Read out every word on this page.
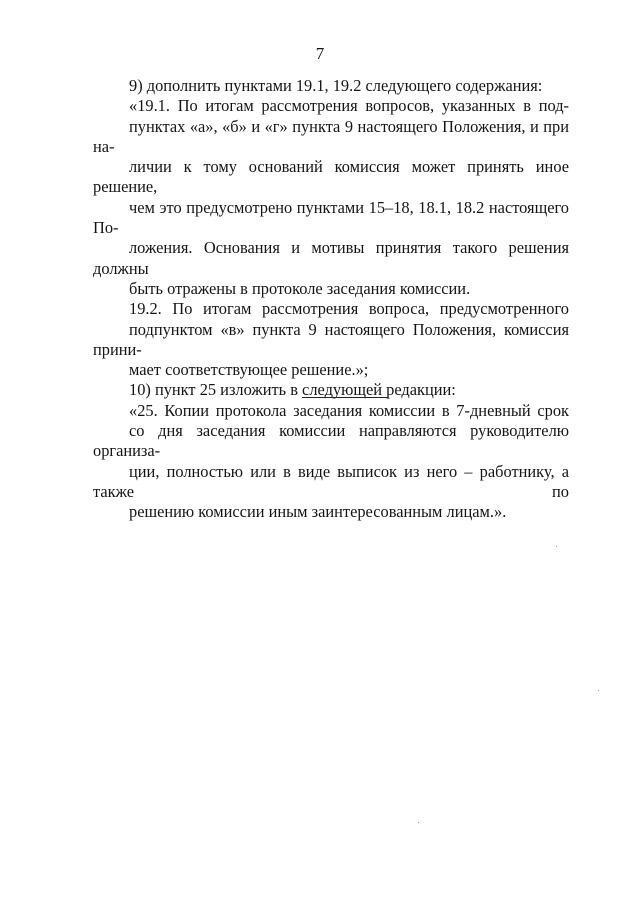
7

9) дополнить пунктами 19.1, 19.2 следующего содержания:

«19.1. По итогам рассмотрения вопросов, указанных в под-
пунктах «а», «б» и «г» пункта 9 настоящего Положения, и при на-
личии к тому оснований комиссия может принять иное решение,
чем это предусмотрено пунктами 15–18, 18.1, 18.2 настоящего По-
ложения. Основания и мотивы принятия такого решения должны
быть отражены в протоколе заседания комиссии.

19.2. По итогам рассмотрения вопроса, предусмотренного
подпунктом «в» пункта 9 настоящего Положения, комиссия прини-
мает соответствующее решение.»;

10) пункт 25 изложить в следующей редакции:

«25. Копии протокола заседания комиссии в 7-дневный срок
со дня заседания комиссии направляются руководителю организа-
ции, полностью или в виде выписок из него – работнику, а также по
решению комиссии иным заинтересованным лицам.».
